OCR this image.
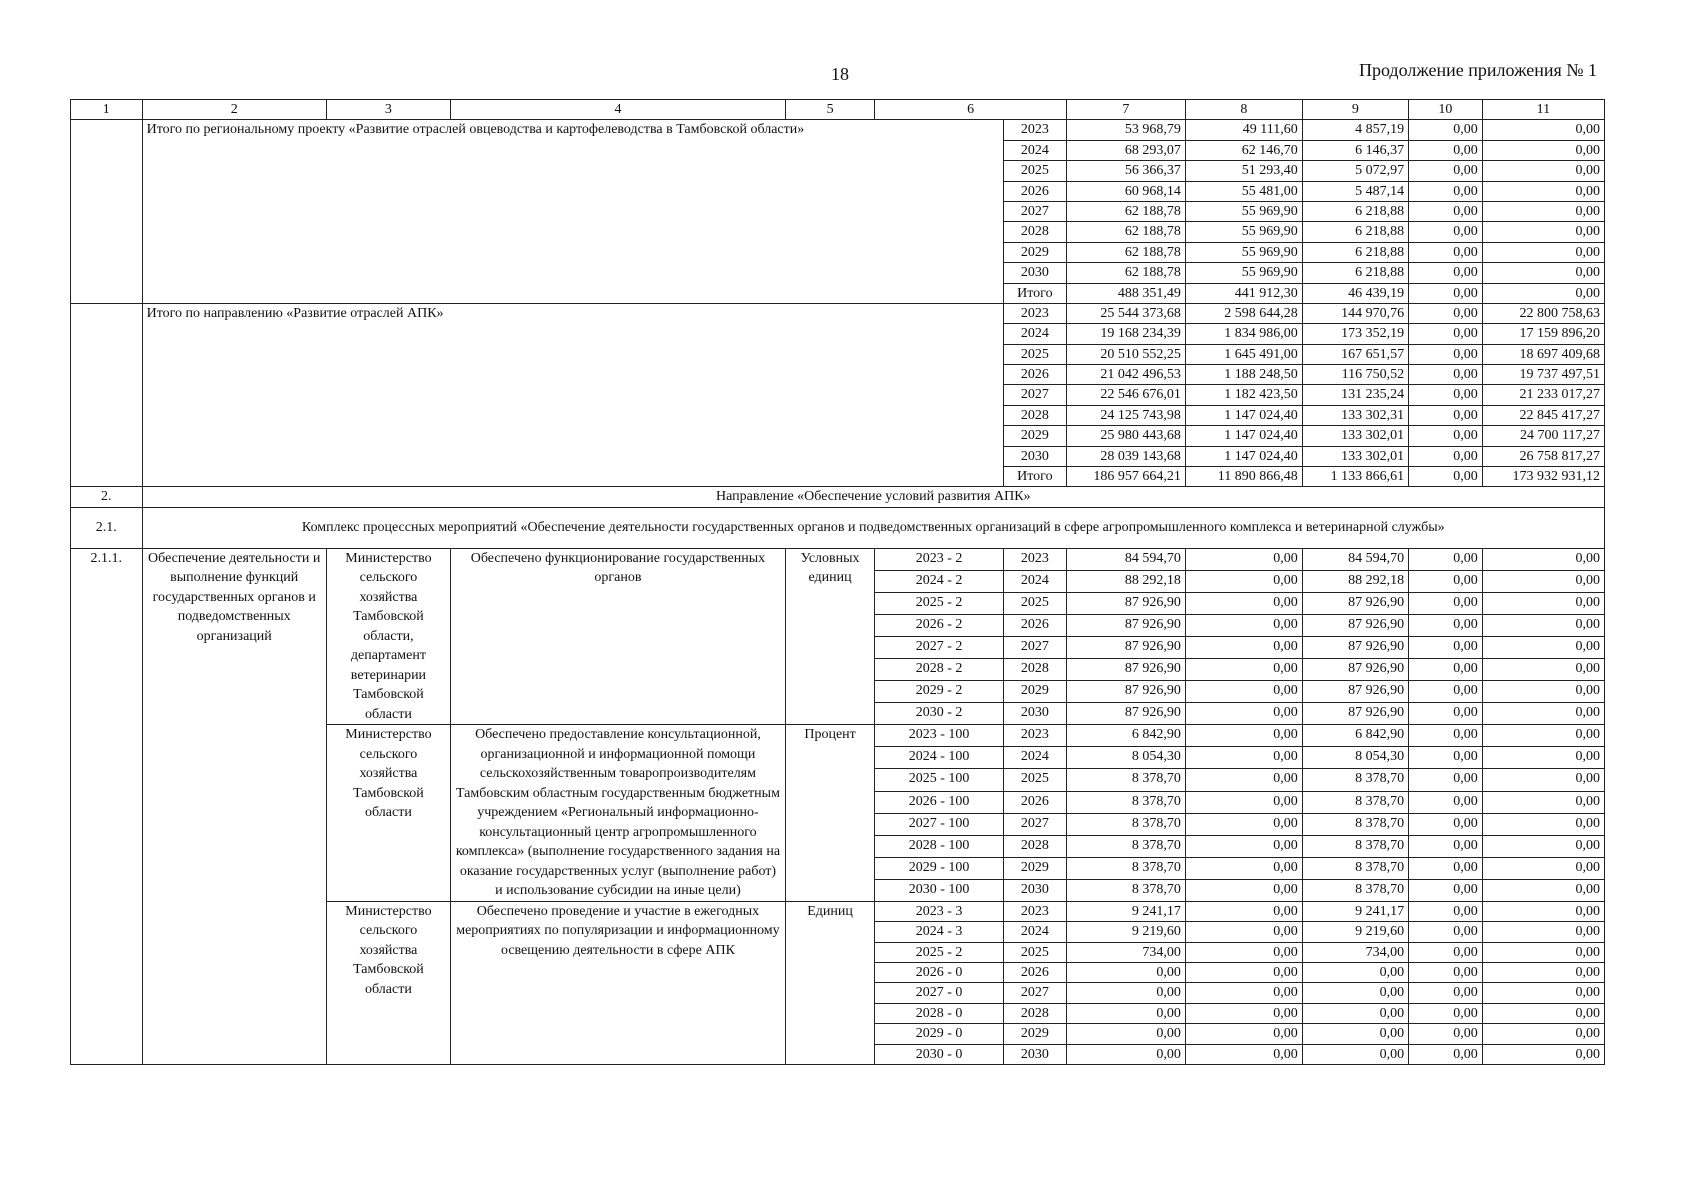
18	Продолжение приложения № 1
1	2	3	4	5	6		7	8	9	10	11
	Итого по региональному проекту «Развитие отраслей овцеводства и картофелеводства в Тамбовской области»					2023	53 968,79	49 111,60	4 857,19	0,00	0,00
						2024	68 293,07	62 146,70	6 146,37	0,00	0,00
						2025	56 366,37	51 293,40	5 072,97	0,00	0,00
						2026	60 968,14	55 481,00	5 487,14	0,00	0,00
						2027	62 188,78	55 969,90	6 218,88	0,00	0,00
						2028	62 188,78	55 969,90	6 218,88	0,00	0,00
						2029	62 188,78	55 969,90	6 218,88	0,00	0,00
						2030	62 188,78	55 969,90	6 218,88	0,00	0,00
						Итого	488 351,49	441 912,30	46 439,19	0,00	0,00
	Итого по направлению «Развитие отраслей АПК»					2023	25 544 373,68	2 598 644,28	144 970,76	0,00	22 800 758,63
						2024	19 168 234,39	1 834 986,00	173 352,19	0,00	17 159 896,20
						2025	20 510 552,25	1 645 491,00	167 651,57	0,00	18 697 409,68
						2026	21 042 496,53	1 188 248,50	116 750,52	0,00	19 737 497,51
						2027	22 546 676,01	1 182 423,50	131 235,24	0,00	21 233 017,27
						2028	24 125 743,98	1 147 024,40	133 302,31	0,00	22 845 417,27
						2029	25 980 443,68	1 147 024,40	133 302,01	0,00	24 700 117,27
						2030	28 039 143,68	1 147 024,40	133 302,01	0,00	26 758 817,27
						Итого	186 957 664,21	11 890 866,48	1 133 866,61	0,00	173 932 931,12
2.	Направление «Обеспечение условий развития АПК»										
2.1.	Комплекс процессных мероприятий «Обеспечение деятельности государственных органов и подведомственных организаций в сфере агропромышленного комплекса и ветеринарной службы»										
2.1.1.	Обеспечение деятельности и выполнение функций государственных органов и подведомственных организаций	Министерство сельского хозяйства Тамбовской области, департамент ветеринарии Тамбовской области	Обеспечено функционирование государственных органов	Условных единиц	2023 - 2	2023	84 594,70	0,00	84 594,70	0,00	0,00
					2024 - 2	2024	88 292,18	0,00	88 292,18	0,00	0,00
					2025 - 2	2025	87 926,90	0,00	87 926,90	0,00	0,00
					2026 - 2	2026	87 926,90	0,00	87 926,90	0,00	0,00
					2027 - 2	2027	87 926,90	0,00	87 926,90	0,00	0,00
					2028 - 2	2028	87 926,90	0,00	87 926,90	0,00	0,00
					2029 - 2	2029	87 926,90	0,00	87 926,90	0,00	0,00
					2030 - 2	2030	87 926,90	0,00	87 926,90	0,00	0,00
		Министерство сельского хозяйства Тамбовской области	Обеспечено предоставление консультационной, организационной и информационной помощи сельскохозяйственным товаропроизводителям Тамбовским областным государственным бюджетным учреждением «Региональный информационно-консультационный центр агропромышленного комплекса» (выполнение государственного задания на оказание государственных услуг (выполнение работ) и использование субсидии на иные цели)	Процент	2023 - 100	2023	6 842,90	0,00	6 842,90	0,00	0,00
					2024 - 100	2024	8 054,30	0,00	8 054,30	0,00	0,00
					2025 - 100	2025	8 378,70	0,00	8 378,70	0,00	0,00
					2026 - 100	2026	8 378,70	0,00	8 378,70	0,00	0,00
					2027 - 100	2027	8 378,70	0,00	8 378,70	0,00	0,00
					2028 - 100	2028	8 378,70	0,00	8 378,70	0,00	0,00
					2029 - 100	2029	8 378,70	0,00	8 378,70	0,00	0,00
					2030 - 100	2030	8 378,70	0,00	8 378,70	0,00	0,00
		Министерство сельского хозяйства Тамбовской области	Обеспечено проведение и участие в ежегодных мероприятиях по популяризации и информационному освещению деятельности в сфере АПК	Единиц	2023 - 3	2023	9 241,17	0,00	9 241,17	0,00	0,00
					2024 - 3	2024	9 219,60	0,00	9 219,60	0,00	0,00
					2025 - 2	2025	734,00	0,00	734,00	0,00	0,00
					2026 - 0	2026	0,00	0,00	0,00	0,00	0,00
					2027 - 0	2027	0,00	0,00	0,00	0,00	0,00
					2028 - 0	2028	0,00	0,00	0,00	0,00	0,00
					2029 - 0	2029	0,00	0,00	0,00	0,00	0,00
					2030 - 0	2030	0,00	0,00	0,00	0,00	0,00
